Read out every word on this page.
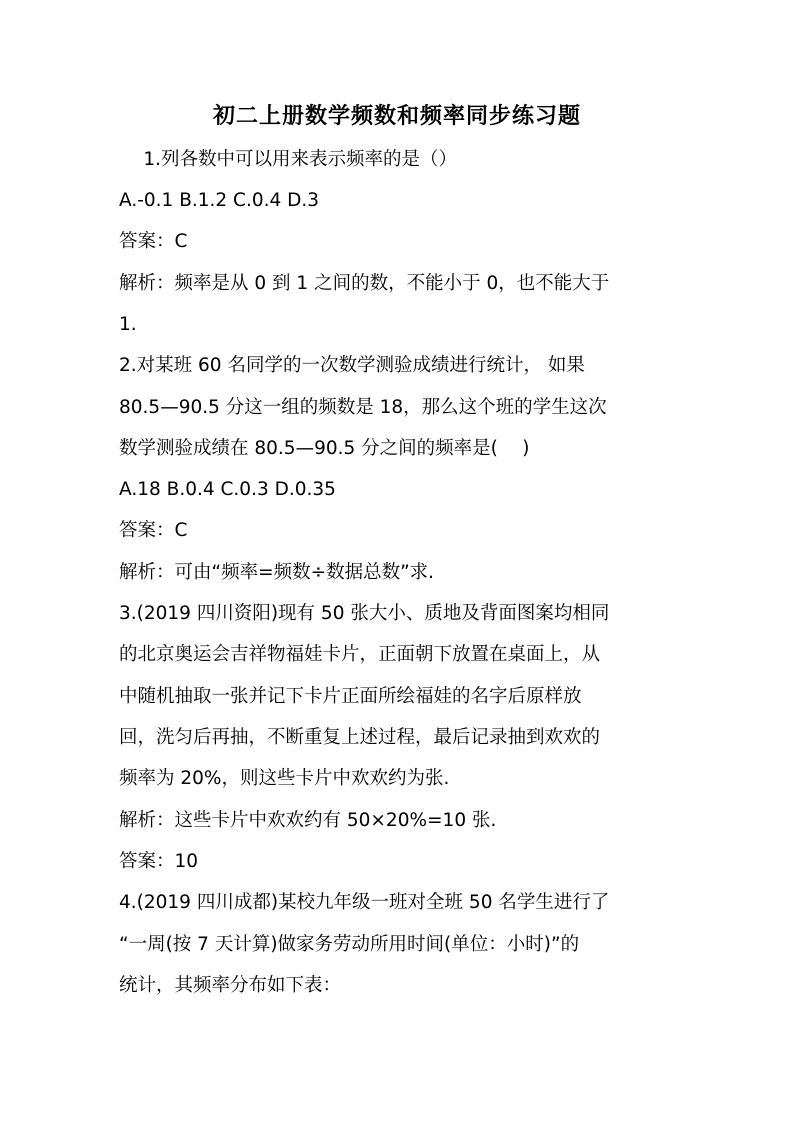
初二上册数学频数和频率同步练习题
　 1.列各数中可以用来表示频率的是（）
A.-0.1 B.1.2 C.0.4 D.3
答案：C
解析：频率是从 0 到 1 之间的数，不能小于 0，也不能大于
1.
2.对某班 60 名同学的一次数学测验成绩进行统计， 如果
80.5—90.5 分这一组的频数是 18，那么这个班的学生这次
数学测验成绩在 80.5—90.5 分之间的频率是(　 )
A.18 B.0.4 C.0.3 D.0.35
答案：C
解析：可由“频率=频数÷数据总数”求.
3.(2019 四川资阳)现有 50 张大小、质地及背面图案均相同
的北京奥运会吉祥物福娃卡片，正面朝下放置在桌面上，从
中随机抽取一张并记下卡片正面所绘福娃的名字后原样放
回，洗匀后再抽，不断重复上述过程，最后记录抽到欢欢的
频率为 20%，则这些卡片中欢欢约为张.
解析：这些卡片中欢欢约有 50×20%=10 张.
答案：10
4.(2019 四川成都)某校九年级一班对全班 50 名学生进行了
“一周(按 7 天计算)做家务劳动所用时间(单位：小时)”的
统计，其频率分布如下表：
